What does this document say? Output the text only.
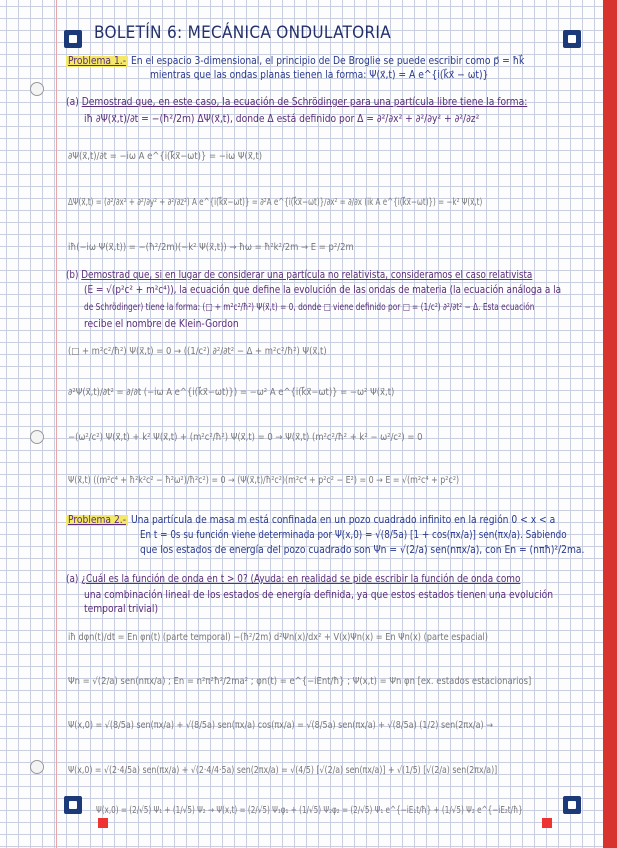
BOLETÍN 6: MECÁNICA ONDULATORIA
Problema 1.- En el espacio 3-dimensional, el principio de De Broglie se puede escribir como p⃗ = ħk⃗
mientras que las ondas planas tienen la forma: Ψ(x⃗,t) = A e^{i(k⃗x⃗ − ωt)}
(a) Demostrad que, en este caso, la ecuación de Schrödinger para una partícula libre tiene la forma:
iħ ∂Ψ(x⃗,t)/∂t = −(ħ²/2m) ΔΨ(x⃗,t), donde Δ está definido por Δ = ∂²/∂x² + ∂²/∂y² + ∂²/∂z²
∂Ψ(x⃗,t)/∂t = −iω A e^{i(k⃗x⃗−ωt)} = −iω Ψ(x⃗,t)
ΔΨ(x⃗,t) = (∂²/∂x² + ∂²/∂y² + ∂²/∂z²) A e^{i(k⃗x⃗−ωt)} = ∂²A e^{i(k⃗x⃗−ωt)}/∂x² = ∂/∂x (ik A e^{i(k⃗x⃗−ωt)}) = −k² Ψ(x⃗,t)
iħ(−iω Ψ(x⃗,t)) = −(ħ²/2m)(−k² Ψ(x⃗,t)) → ħω = ħ²k²/2m → E = p²/2m
(b) Demostrad que, si en lugar de considerar una partícula no relativista, consideramos el caso relativista
(E = √(p²c² + m²c⁴)), la ecuación que define la evolución de las ondas de materia (la ecuación análoga a la
de Schrödinger) tiene la forma: (□ + m²c²/ħ²) Ψ(x⃗,t) = 0, donde □ viene definido por □ = (1/c²) ∂²/∂t² − Δ. Esta ecuación
recibe el nombre de Klein-Gordon
(□ + m²c²/ħ²) Ψ(x⃗,t) = 0 → ((1/c²) ∂²/∂t² − Δ + m²c²/ħ²) Ψ(x⃗,t)
∂²Ψ(x⃗,t)/∂t² = ∂/∂t (−iω A e^{i(k⃗x⃗−ωt)}) = −ω² A e^{i(k⃗x⃗−ωt)} = −ω² Ψ(x⃗,t)
−(ω²/c²) Ψ(x⃗,t) + k² Ψ(x⃗,t) + (m²c²/ħ²) Ψ(x⃗,t) = 0 → Ψ(x⃗,t) (m²c²/ħ² + k² − ω²/c²) = 0
Ψ(x⃗,t) ((m²c⁴ + ħ²k²c² − ħ²ω²)/ħ²c²) = 0 → (Ψ(x⃗,t)/ħ²c²)(m²c⁴ + p²c² − E²) = 0 → E = √(m²c⁴ + p²c²)
Problema 2.- Una partícula de masa m está confinada en un pozo cuadrado infinito en la región 0 < x < a
En t = 0s su función viene determinada por Ψ(x,0) = √(8/5a) [1 + cos(πx/a)] sen(πx/a). Sabiendo
que los estados de energía del pozo cuadrado son Ψn = √(2/a) sen(nπx/a), con En = (nπħ)²/2ma.
(a) ¿Cuál es la función de onda en t > 0? (Ayuda: en realidad se pide escribir la función de onda como
una combinación lineal de los estados de energía definida, ya que estos estados tienen una evolución
temporal trivial)
iħ dφn(t)/dt = En φn(t) (parte temporal) −(ħ²/2m) d²Ψn(x)/dx² + V(x)Ψn(x) = En Ψn(x) (parte espacial)
Ψn = √(2/a) sen(nπx/a) ; En = n²π²ħ²/2ma² ; φn(t) = e^{−iEnt/ħ} ; Ψ(x,t) = Ψn φn [ex. estados estacionarios]
Ψ(x,0) = √(8/5a) sen(πx/a) + √(8/5a) sen(πx/a) cos(πx/a) = √(8/5a) sen(πx/a) + √(8/5a) (1/2) sen(2πx/a) →
Ψ(x,0) = √(2·4/5a) sen(πx/a) + √(2·4/4·5a) sen(2πx/a) = √(4/5) [√(2/a) sen(πx/a)] + √(1/5) [√(2/a) sen(2πx/a)]
Ψ(x,0) = (2/√5) Ψ₁ + (1/√5) Ψ₂ → Ψ(x,t) = (2/√5) Ψ₁φ₁ + (1/√5) Ψ₂φ₂ = (2/√5) Ψ₁ e^{−iE₁t/ħ} + (1/√5) Ψ₂ e^{−iE₂t/ħ}
